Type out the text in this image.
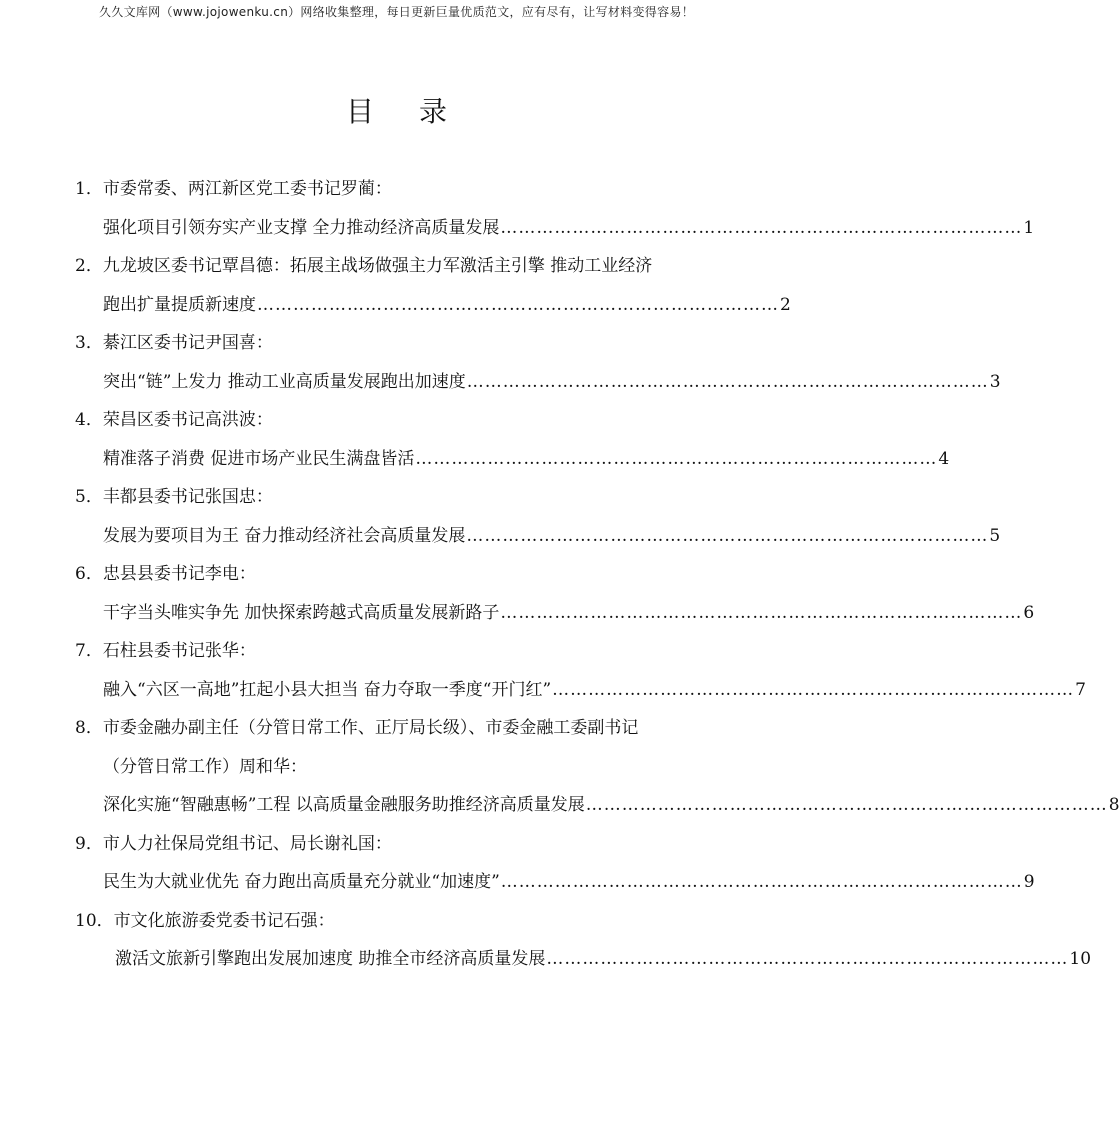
久久文库网（www.jojowenku.cn）网络收集整理，每日更新巨量优质范文，应有尽有，让写材料变得容易！
目 录
1．市委常委、两江新区党工委书记罗蔺：
强化项目引领夯实产业支撑 全力推动经济高质量发展 …………………………………………………………………………… 1
2．九龙坡区委书记覃昌德：拓展主战场做强主力军激活主引擎 推动工业经济
跑出扩量提质新速度 …………………………………………………………………………… 2
3．綦江区委书记尹国喜：
突出“链”上发力 推动工业高质量发展跑出加速度 …………………………………………………………………………… 3
4．荣昌区委书记高洪波：
精准落子消费 促进市场产业民生满盘皆活 …………………………………………………………………………… 4
5．丰都县委书记张国忠：
发展为要项目为王 奋力推动经济社会高质量发展 …………………………………………………………………………… 5
6．忠县县委书记李电：
干字当头唯实争先 加快探索跨越式高质量发展新路子 …………………………………………………………………………… 6
7．石柱县委书记张华：
融入“六区一高地”扛起小县大担当 奋力夺取一季度“开门红” …………………………………………………………………………… 7
8．市委金融办副主任（分管日常工作、正厅局长级）、市委金融工委副书记
（分管日常工作）周和华：
深化实施“智融惠畅”工程 以高质量金融服务助推经济高质量发展 …………………………………………………………………………… 8
9．市人力社保局党组书记、局长谢礼国：
民生为大就业优先 奋力跑出高质量充分就业“加速度” …………………………………………………………………………… 9
10．市文化旅游委党委书记石强：
激活文旅新引擎跑出发展加速度 助推全市经济高质量发展 …………………………………………………………………………… 10
